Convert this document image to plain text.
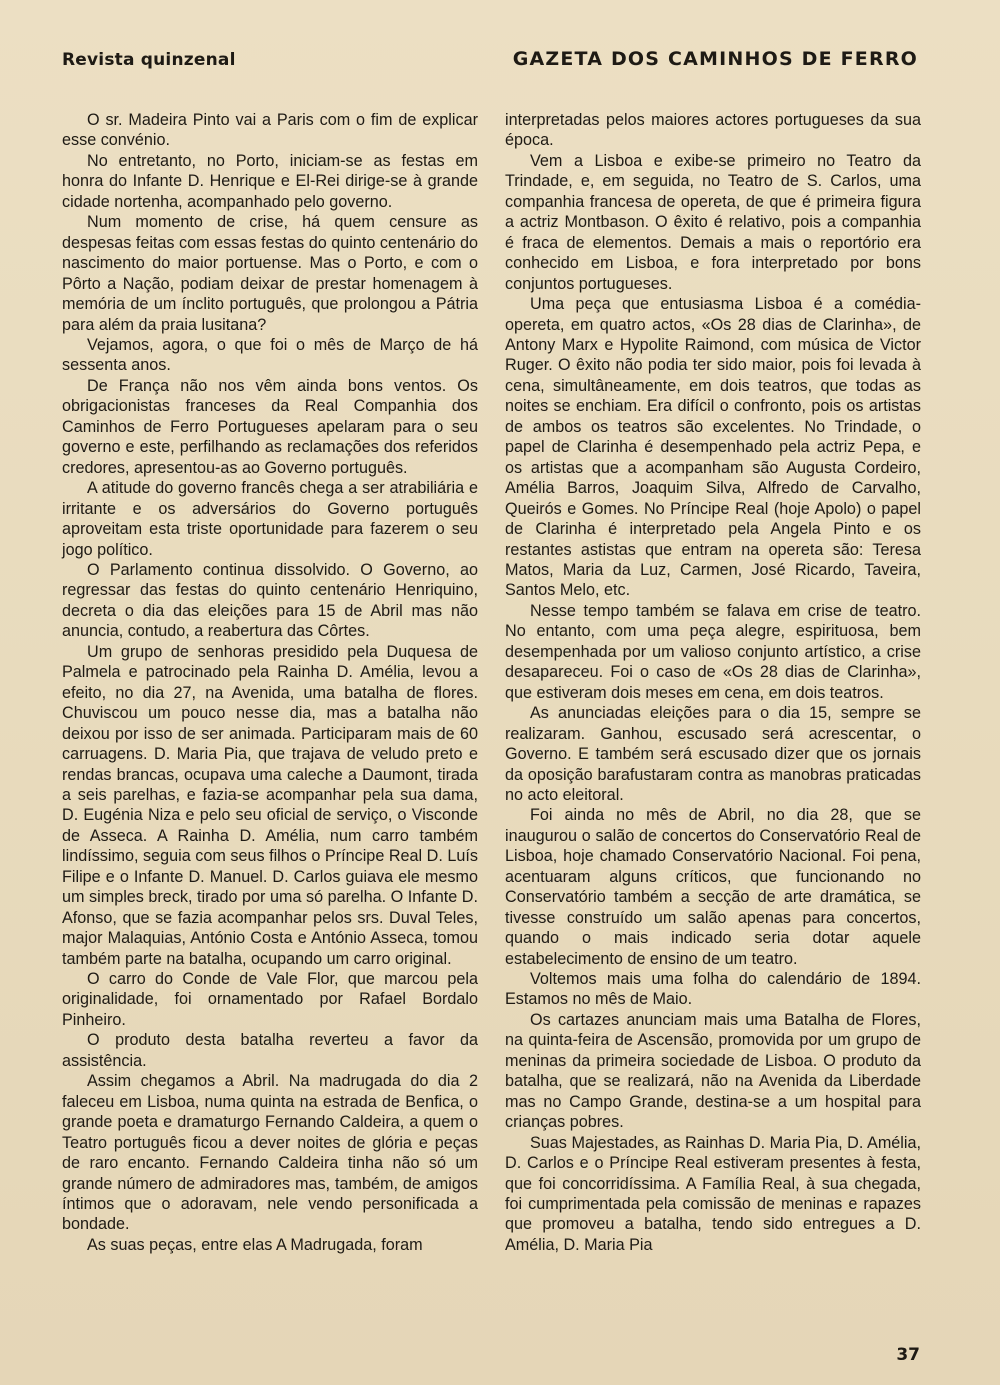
Revista quinzenal	GAZETA DOS CAMINHOS DE FERRO

O sr. Madeira Pinto vai a Paris com o fim de explicar esse convénio.

No entretanto, no Porto, iniciam-se as festas em honra do Infante D. Henrique e El-Rei dirige-se à grande cidade nortenha, acompanhado pelo governo.

Num momento de crise, há quem censure as despesas feitas com essas festas do quinto centenário do nascimento do maior portuense. Mas o Porto, e com o Pôrto a Nação, podiam deixar de prestar homenagem à memória de um ínclito português, que prolongou a Pátria para além da praia lusitana?

Vejamos, agora, o que foi o mês de Março de há sessenta anos.

De França não nos vêm ainda bons ventos. Os obrigacionistas franceses da Real Companhia dos Caminhos de Ferro Portugueses apelaram para o seu governo e este, perfilhando as reclamações dos referidos credores, apresentou-as ao Governo português.

A atitude do governo francês chega a ser atrabiliária e irritante e os adversários do Governo português aproveitam esta triste oportunidade para fazerem o seu jogo político.

O Parlamento continua dissolvido. O Governo, ao regressar das festas do quinto centenário Henriquino, decreta o dia das eleições para 15 de Abril mas não anuncia, contudo, a reabertura das Côrtes.

Um grupo de senhoras presidido pela Duquesa de Palmela e patrocinado pela Rainha D. Amélia, levou a efeito, no dia 27, na Avenida, uma batalha de flores. Chuviscou um pouco nesse dia, mas a batalha não deixou por isso de ser animada. Participaram mais de 60 carruagens. D. Maria Pia, que trajava de veludo preto e rendas brancas, ocupava uma caleche a Daumont, tirada a seis parelhas, e fazia-se acompanhar pela sua dama, D. Eugénia Niza e pelo seu oficial de serviço, o Visconde de Asseca. A Rainha D. Amélia, num carro também lindíssimo, seguia com seus filhos o Príncipe Real D. Luís Filipe e o Infante D. Manuel. D. Carlos guiava ele mesmo um simples breck, tirado por uma só parelha. O Infante D. Afonso, que se fazia acompanhar pelos srs. Duval Teles, major Malaquias, António Costa e António Asseca, tomou também parte na batalha, ocupando um carro original.

O carro do Conde de Vale Flor, que marcou pela originalidade, foi ornamentado por Rafael Bordalo Pinheiro.

O produto desta batalha reverteu a favor da assistência.

Assim chegamos a Abril. Na madrugada do dia 2 faleceu em Lisboa, numa quinta na estrada de Benfica, o grande poeta e dramaturgo Fernando Caldeira, a quem o Teatro português ficou a dever noites de glória e peças de raro encanto. Fernando Caldeira tinha não só um grande número de admiradores mas, também, de amigos íntimos que o adoravam, nele vendo personificada a bondade.

As suas peças, entre elas A Madrugada, foram

interpretadas pelos maiores actores portugueses da sua época.

Vem a Lisboa e exibe-se primeiro no Teatro da Trindade, e, em seguida, no Teatro de S. Carlos, uma companhia francesa de opereta, de que é primeira figura a actriz Montbason. O êxito é relativo, pois a companhia é fraca de elementos. Demais a mais o reportório era conhecido em Lisboa, e fora interpretado por bons conjuntos portugueses.

Uma peça que entusiasma Lisboa é a comédia-opereta, em quatro actos, «Os 28 dias de Clarinha», de Antony Marx e Hypolite Raimond, com música de Victor Ruger. O êxito não podia ter sido maior, pois foi levada à cena, simultâneamente, em dois teatros, que todas as noites se enchiam. Era difícil o confronto, pois os artistas de ambos os teatros são excelentes. No Trindade, o papel de Clarinha é desempenhado pela actriz Pepa, e os artistas que a acompanham são Augusta Cordeiro, Amélia Barros, Joaquim Silva, Alfredo de Carvalho, Queirós e Gomes. No Príncipe Real (hoje Apolo) o papel de Clarinha é interpretado pela Angela Pinto e os restantes astistas que entram na opereta são: Teresa Matos, Maria da Luz, Carmen, José Ricardo, Taveira, Santos Melo, etc.

Nesse tempo também se falava em crise de teatro. No entanto, com uma peça alegre, espirituosa, bem desempenhada por um valioso conjunto artístico, a crise desapareceu. Foi o caso de «Os 28 dias de Clarinha», que estiveram dois meses em cena, em dois teatros.

As anunciadas eleições para o dia 15, sempre se realizaram. Ganhou, escusado será acrescentar, o Governo. E também será escusado dizer que os jornais da oposição barafustaram contra as manobras praticadas no acto eleitoral.

Foi ainda no mês de Abril, no dia 28, que se inaugurou o salão de concertos do Conservatório Real de Lisboa, hoje chamado Conservatório Nacional. Foi pena, acentuaram alguns críticos, que funcionando no Conservatório também a secção de arte dramática, se tivesse construído um salão apenas para concertos, quando o mais indicado seria dotar aquele estabelecimento de ensino de um teatro.

Voltemos mais uma folha do calendário de 1894. Estamos no mês de Maio.

Os cartazes anunciam mais uma Batalha de Flores, na quinta-feira de Ascensão, promovida por um grupo de meninas da primeira sociedade de Lisboa. O produto da batalha, que se realizará, não na Avenida da Liberdade mas no Campo Grande, destina-se a um hospital para crianças pobres.

Suas Majestades, as Rainhas D. Maria Pia, D. Amélia, D. Carlos e o Príncipe Real estiveram presentes à festa, que foi concorridíssima. A Família Real, à sua chegada, foi cumprimentada pela comissão de meninas e rapazes que promoveu a batalha, tendo sido entregues a D. Amélia, D. Maria Pia

37
